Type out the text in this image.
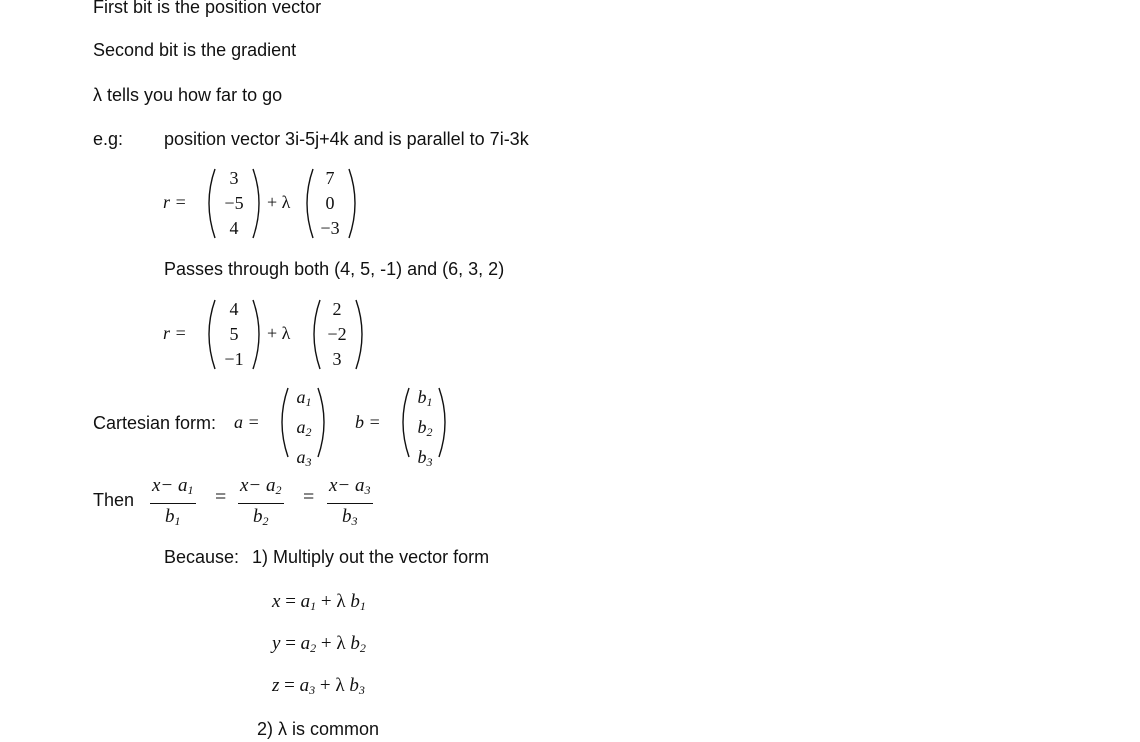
First bit is the position vector
Second bit is the gradient
λ tells you how far to go
e.g: position vector 3i-5j+4k and is parallel to 7i-3k
r =
3
−5
4
+ λ
7
0
−3
Passes through both (4, 5, -1) and (6, 3, 2)
r =
4
5
−1
+ λ
2
−2
3
Cartesian form: a =
$a_1$
$a_2$
$a_3$
b =
$b_1$
$b_2$
$b_3$
Then $\frac{x- a_1}{b_1} = \frac{x- a_2}{b_2} = \frac{x- a_3}{b_3}$
Because: 1) Multiply out the vector form
$x = a_1 + \lambda$ $b_1$
$y = a_2 + \lambda$ $b_2$
$z = a_3 + \lambda$ $b_3$
2) λ is common
